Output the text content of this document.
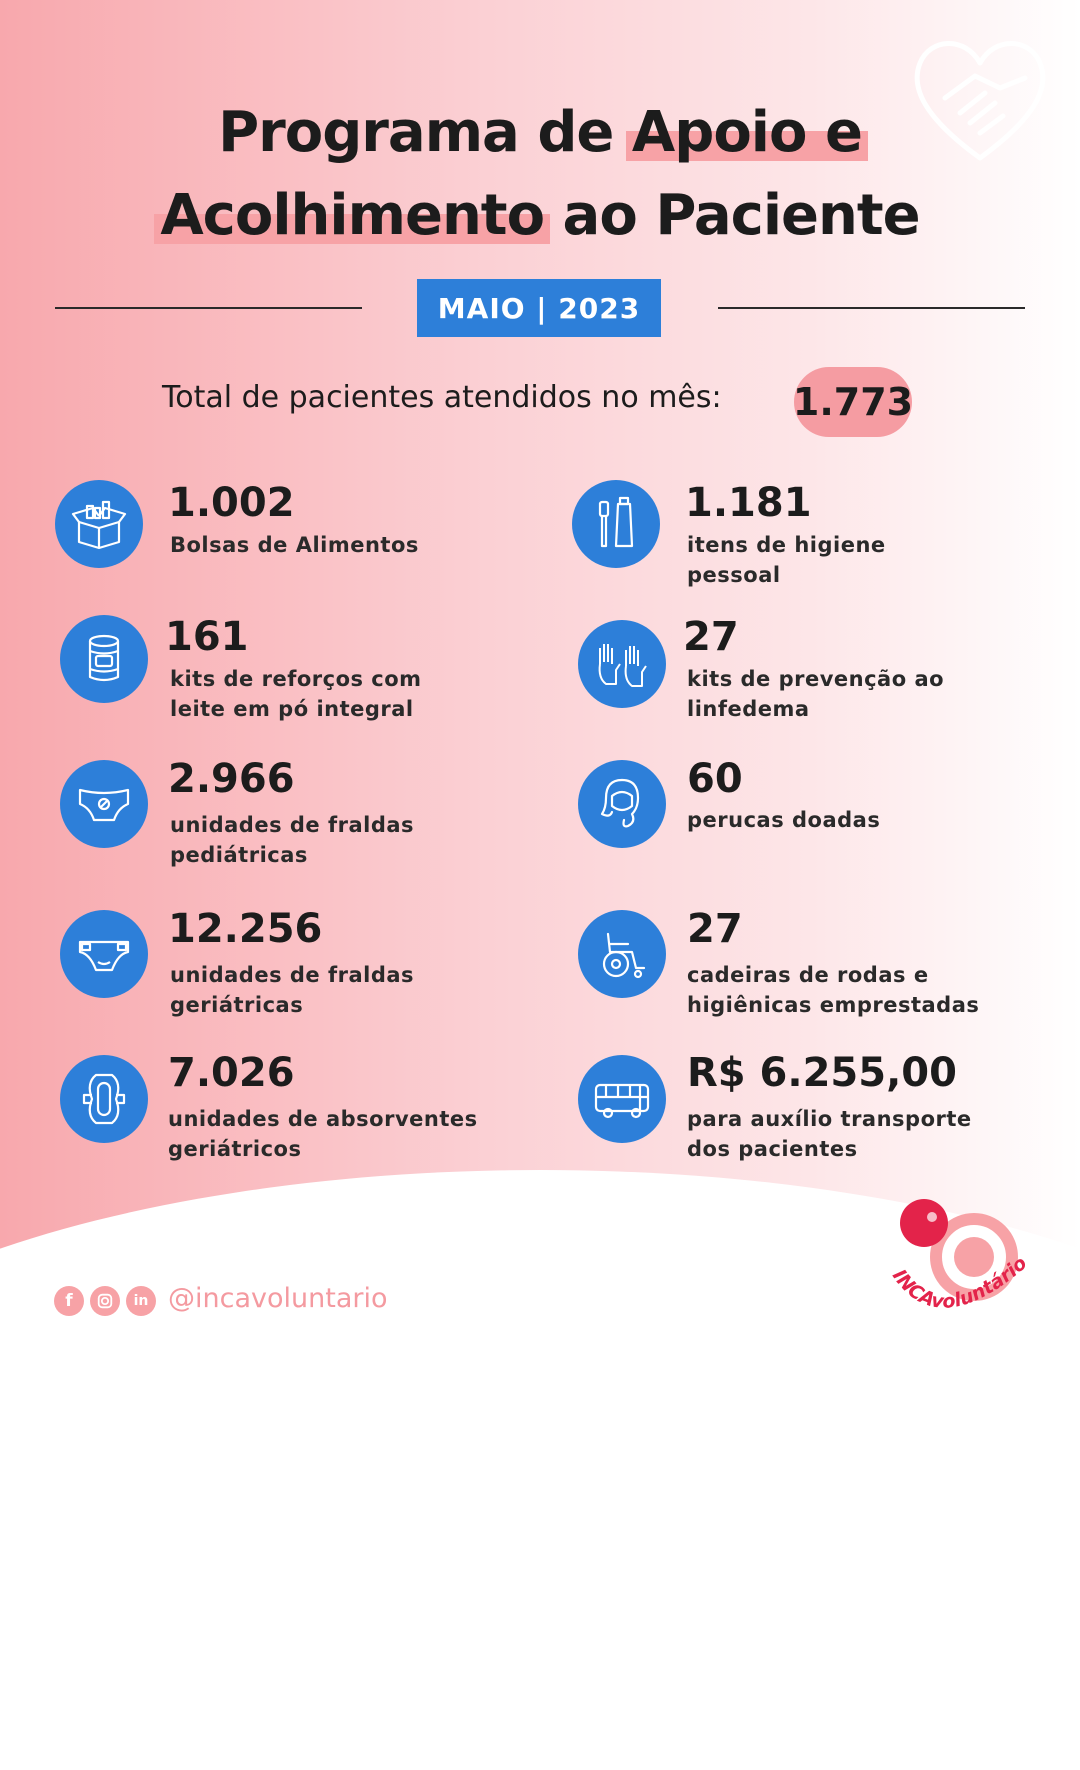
Programa de Apoio e
Acolhimento ao Paciente
MAIO | 2023
Total de pacientes atendidos no mês: 1.773
1.002
Bolsas de Alimentos
1.181
itens de higiene
pessoal
161
kits de reforços com
leite em pó integral
27
kits de prevenção ao
linfedema
2.966
unidades de fraldas
pediátricas
60
perucas doadas
12.256
unidades de fraldas
geriátricas
27
cadeiras de rodas e
higiênicas emprestadas
7.026
unidades de absorventes
geriátricos
R$ 6.255,00
para auxílio transporte
dos pacientes
f	in @incavoluntario
INCAvoluntário
